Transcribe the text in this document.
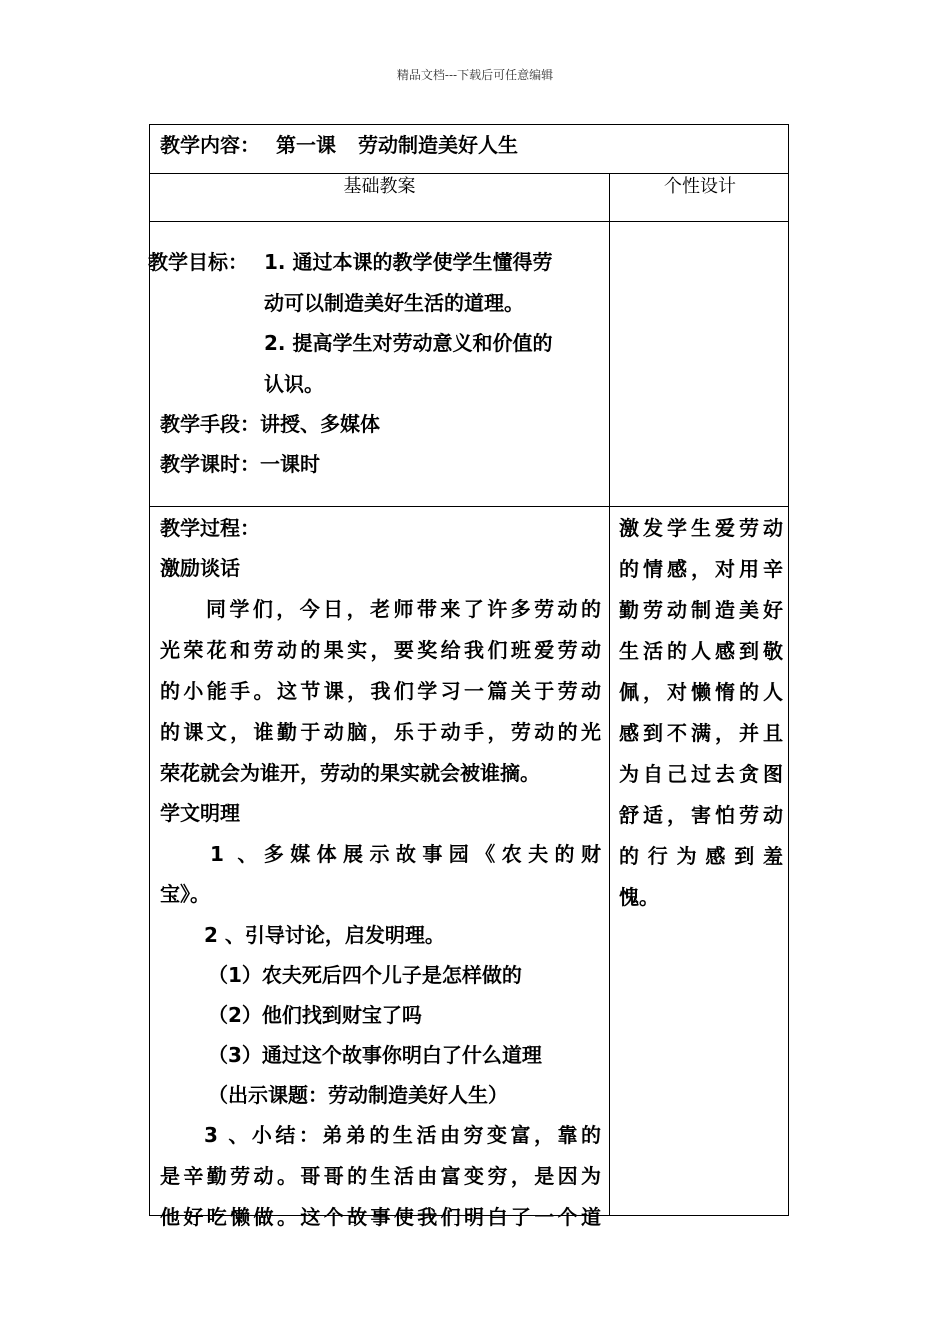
精品文档---下载后可任意编辑
教学内容： 第一课 劳动制造美好人生
基础教案	个性设计
教学目标： 1. 通过本课的教学使学生懂得劳
动可以制造美好生活的道理。
2. 提高学生对劳动意义和价值的
认识。
教学手段：讲授、多媒体
教学课时：一课时
教学过程：
激励谈话
同学们，今日，老师带来了许多劳动的
光荣花和劳动的果实，要奖给我们班爱劳动
的小能手。这节课，我们学习一篇关于劳动
的课文，谁勤于动脑，乐于动手，劳动的光
荣花就会为谁开，劳动的果实就会被谁摘。
学文明理
1 、多媒体展示故事园《农夫的财
宝》。
2 、引导讨论，启发明理。
（1）农夫死后四个儿子是怎样做的
（2）他们找到财宝了吗
（3）通过这个故事你明白了什么道理
（出示课题：劳动制造美好人生）
3 、小结：弟弟的生活由穷变富，靠的
是辛勤劳动。哥哥的生活由富变穷，是因为
他好吃懒做。这个故事使我们明白了一个道
激发学生爱劳动
的情感，对用辛
勤劳动制造美好
生活的人感到敬
佩，对懒惰的人
感到不满，并且
为自己过去贪图
舒适，害怕劳动
的行为感到羞
愧。
